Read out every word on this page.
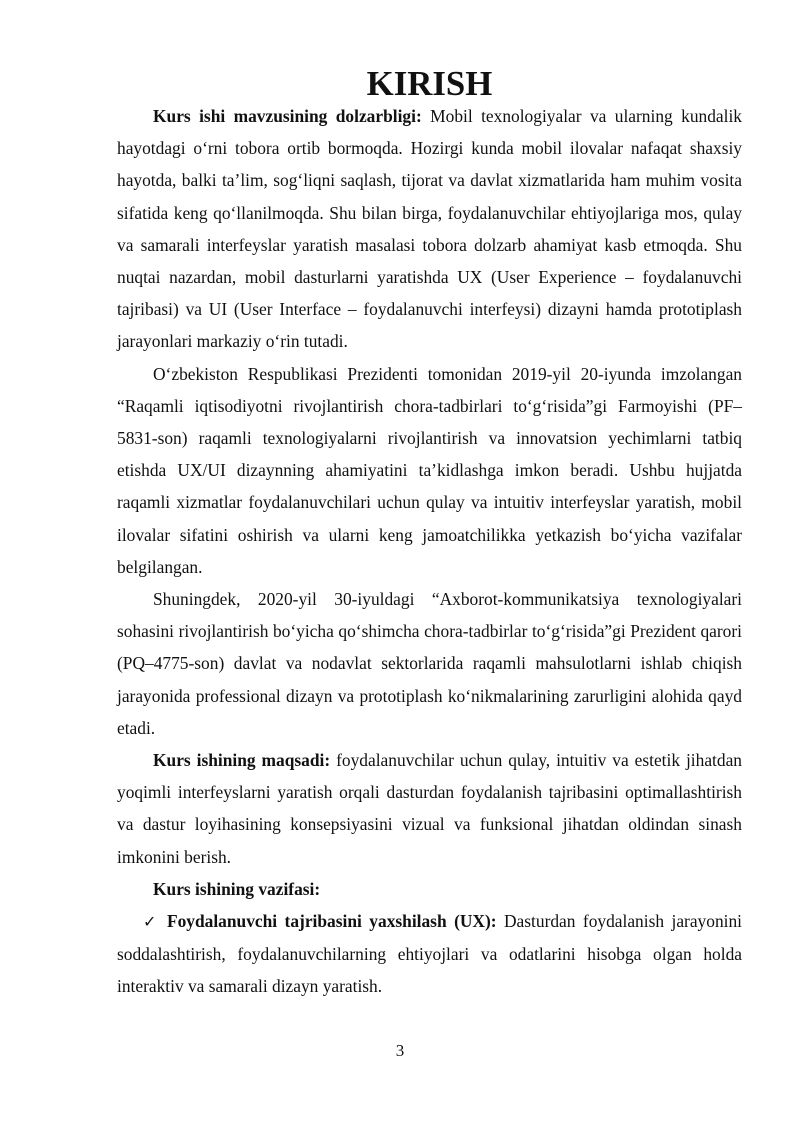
KIRISH

Kurs ishi mavzusining dolzarbligi: Mobil texnologiyalar va ularning kundalik hayotdagi o‘rni tobora ortib bormoqda. Hozirgi kunda mobil ilovalar nafaqat shaxsiy hayotda, balki ta’lim, sog‘liqni saqlash, tijorat va davlat xizmatlarida ham muhim vosita sifatida keng qo‘llanilmoqda. Shu bilan birga, foydalanuvchilar ehtiyojlariga mos, qulay va samarali interfeyslar yaratish masalasi tobora dolzarb ahamiyat kasb etmoqda. Shu nuqtai nazardan, mobil dasturlarni yaratishda UX (User Experience – foydalanuvchi tajribasi) va UI (User Interface – foydalanuvchi interfeysi) dizayni hamda prototiplash jarayonlari markaziy o‘rin tutadi.

O‘zbekiston Respublikasi Prezidenti tomonidan 2019-yil 20-iyunda imzolangan “Raqamli iqtisodiyotni rivojlantirish chora-tadbirlari to‘g‘risida”gi Farmoyishi (PF–5831-son) raqamli texnologiyalarni rivojlantirish va innovatsion yechimlarni tatbiq etishda UX/UI dizaynning ahamiyatini ta’kidlashga imkon beradi. Ushbu hujjatda raqamli xizmatlar foydalanuvchilari uchun qulay va intuitiv interfeyslar yaratish, mobil ilovalar sifatini oshirish va ularni keng jamoatchilikka yetkazish bo‘yicha vazifalar belgilangan.

Shuningdek, 2020-yil 30-iyuldagi “Axborot-kommunikatsiya texnologiyalari sohasini rivojlantirish bo‘yicha qo‘shimcha chora-tadbirlar to‘g‘risida”gi Prezident qarori (PQ–4775-son) davlat va nodavlat sektorlarida raqamli mahsulotlarni ishlab chiqish jarayonida professional dizayn va prototiplash ko‘nikmalarining zarurligini alohida qayd etadi.

Kurs ishining maqsadi: foydalanuvchilar uchun qulay, intuitiv va estetik jihatdan yoqimli interfeyslarni yaratish orqali dasturdan foydalanish tajribasini optimallashtirish va dastur loyihasining konsepsiyasini vizual va funksional jihatdan oldindan sinash imkonini berish.

Kurs ishining vazifasi:

✓ Foydalanuvchi tajribasini yaxshilash (UX): Dasturdan foydalanish jarayonini soddalashtirish, foydalanuvchilarning ehtiyojlari va odatlarini hisobga olgan holda interaktiv va samarali dizayn yaratish.

3
